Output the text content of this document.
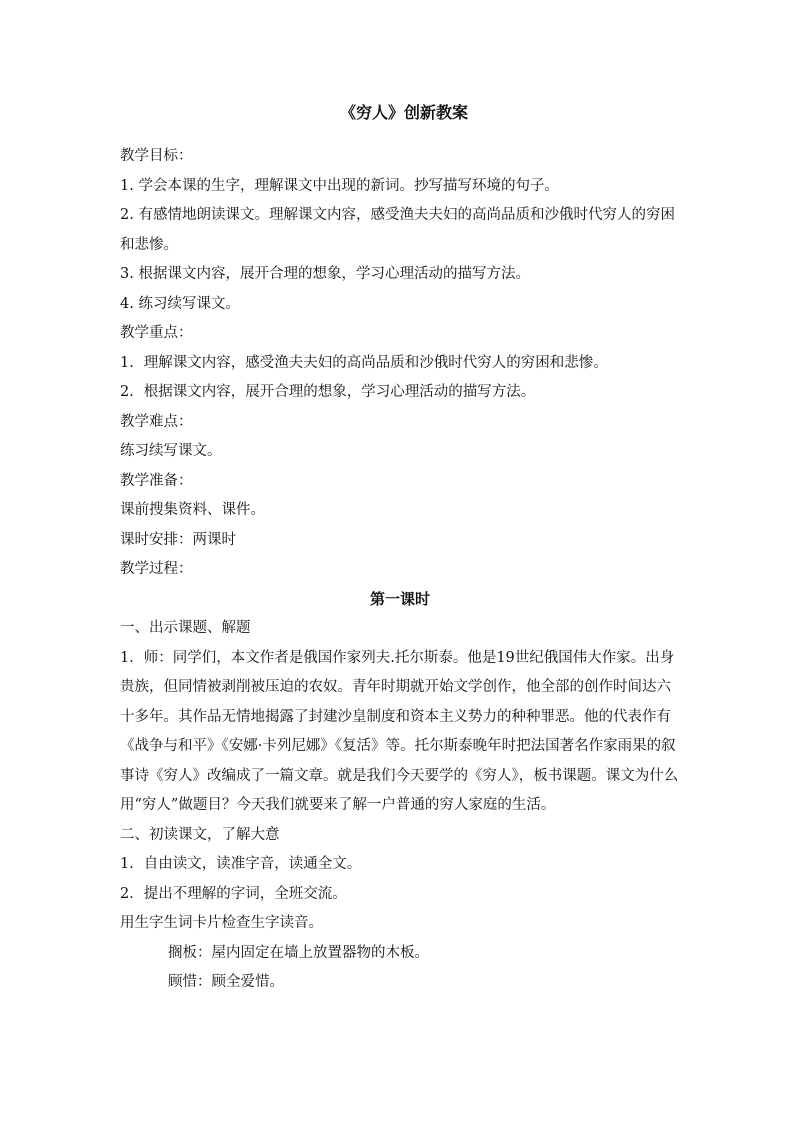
《穷人》创新教案
教学目标：
1. 学会本课的生字，理解课文中出现的新词。抄写描写环境的句子。
2. 有感情地朗读课文。理解课文内容，感受渔夫夫妇的高尚品质和沙俄时代穷人的穷困和悲惨。
3. 根据课文内容，展开合理的想象，学习心理活动的描写方法。
4. 练习续写课文。
教学重点：
1．理解课文内容，感受渔夫夫妇的高尚品质和沙俄时代穷人的穷困和悲惨。
2．根据课文内容，展开合理的想象，学习心理活动的描写方法。
教学难点：
练习续写课文。
教学准备：
课前搜集资料、课件。
课时安排：两课时
教学过程：
第一课时
一、出示课题、解题
1．师：同学们，本文作者是俄国作家列夫.托尔斯泰。他是19世纪俄国伟大作家。出身贵族，但同情被剥削被压迫的农奴。青年时期就开始文学创作，他全部的创作时间达六十多年。其作品无情地揭露了封建沙皇制度和资本主义势力的种种罪恶。他的代表作有《战争与和平》《安娜·卡列尼娜》《复活》等。托尔斯泰晚年时把法国著名作家雨果的叙事诗《穷人》改编成了一篇文章。就是我们今天要学的《穷人》，板书课题。课文为什么用“穷人”做题目？今天我们就要来了解一户普通的穷人家庭的生活。
二、初读课文，了解大意
1．自由读文，读准字音，读通全文。
2．提出不理解的字词，全班交流。
用生字生词卡片检查生字读音。
搁板：屋内固定在墙上放置器物的木板。
顾惜：顾全爱惜。
